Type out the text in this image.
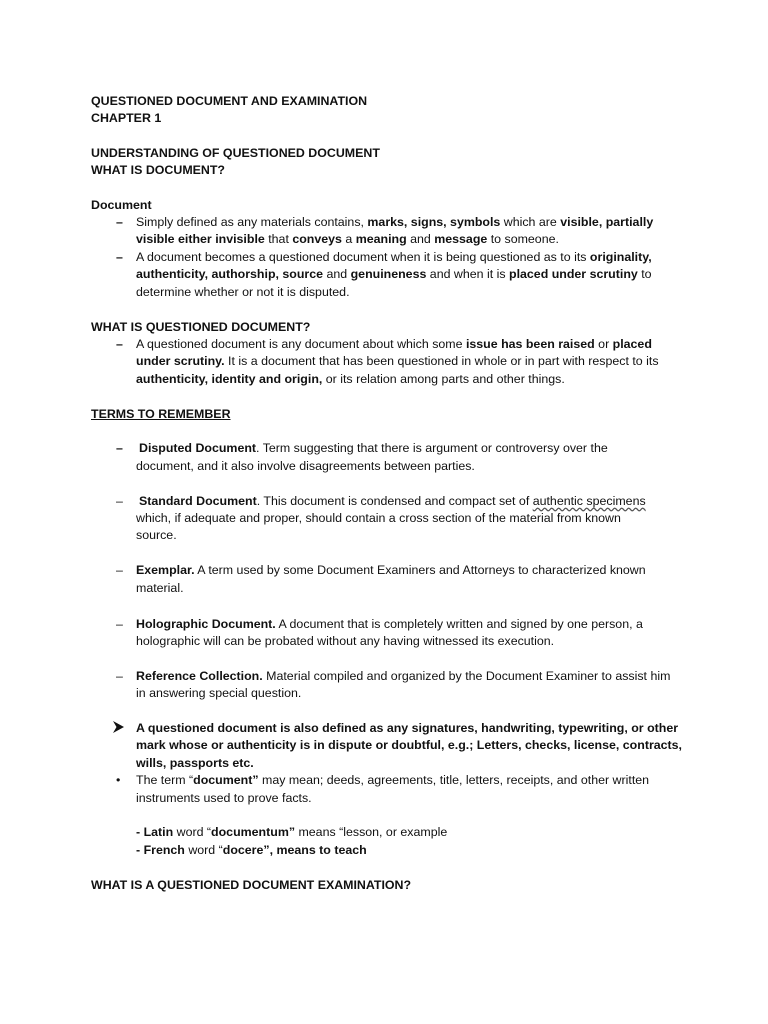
QUESTIONED DOCUMENT AND EXAMINATION
CHAPTER 1
UNDERSTANDING OF QUESTIONED DOCUMENT
WHAT IS DOCUMENT?
Document
– Simply defined as any materials contains, marks, signs, symbols which are visible, partially
visible either invisible that conveys a meaning and message to someone.
– A document becomes a questioned document when it is being questioned as to its originality,
authenticity, authorship, source and genuineness and when it is placed under scrutiny to
determine whether or not it is disputed.
WHAT IS QUESTIONED DOCUMENT?
– A questioned document is any document about which some issue has been raised or placed
under scrutiny. It is a document that has been questioned in whole or in part with respect to its
authenticity, identity and origin, or its relation among parts and other things.
TERMS TO REMEMBER
– Disputed Document. Term suggesting that there is argument or controversy over the
document, and it also involve disagreements between parties.
– Standard Document. This document is condensed and compact set of authentic specimens
which, if adequate and proper, should contain a cross section of the material from known
source.
– Exemplar. A term used by some Document Examiners and Attorneys to characterized known
material.
– Holographic Document. A document that is completely written and signed by one person, a
holographic will can be probated without any having witnessed its execution.
– Reference Collection. Material compiled and organized by the Document Examiner to assist him
in answering special question.
A questioned document is also defined as any signatures, handwriting, typewriting, or other
mark whose or authenticity is in dispute or doubtful, e.g.; Letters, checks, license, contracts,
wills, passports etc.
• The term “document” may mean; deeds, agreements, title, letters, receipts, and other written
instruments used to prove facts.
- Latin word “documentum” means “lesson, or example
- French word “docere”, means to teach
WHAT IS A QUESTIONED DOCUMENT EXAMINATION?
